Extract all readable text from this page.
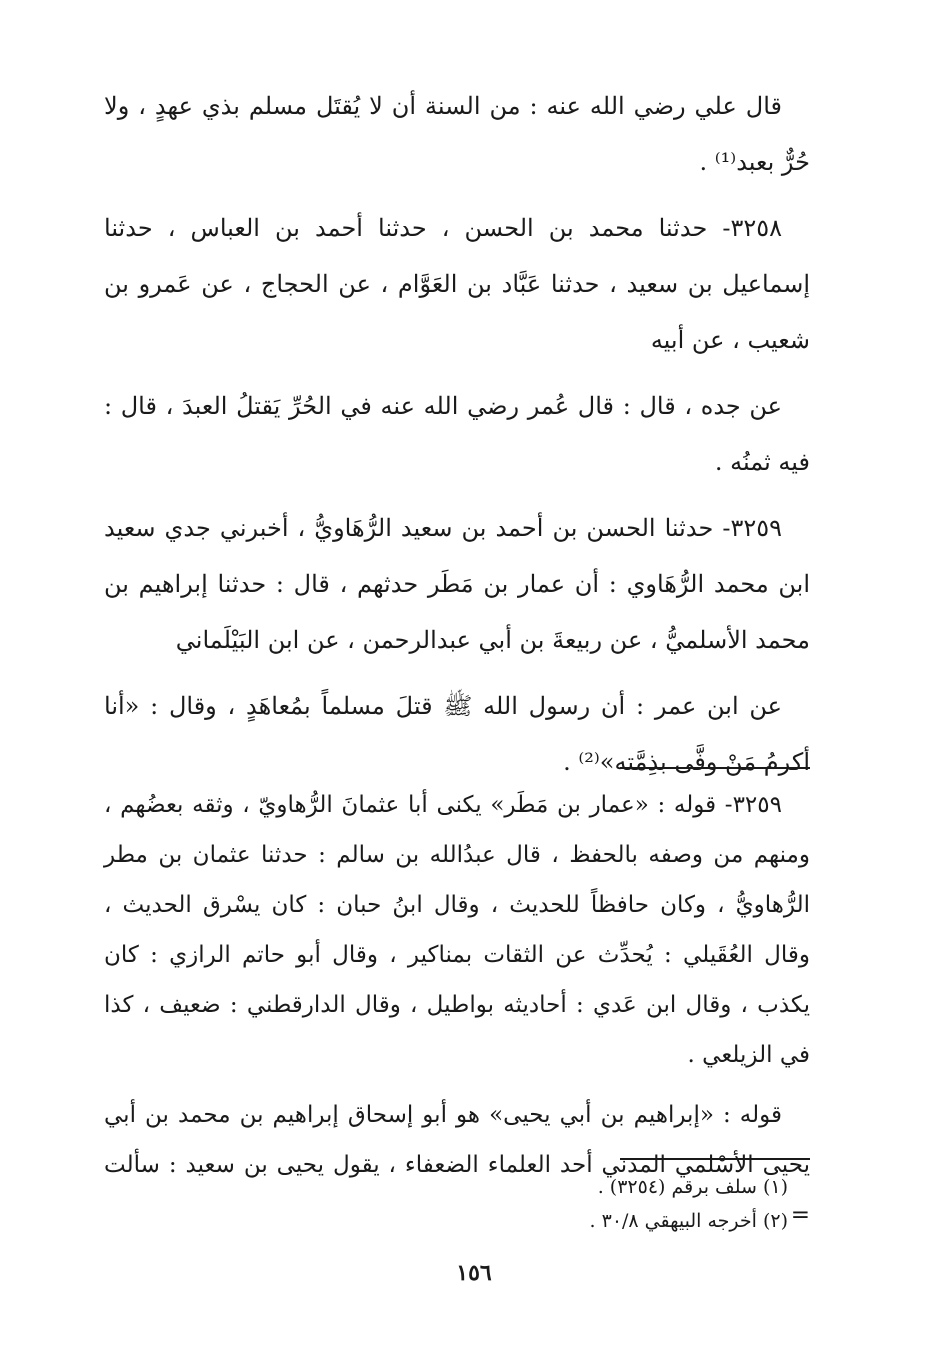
قال علي رضي الله عنه : من السنة أن لا يُقتَل مسلم بذي عهدٍ ، ولا حُرٌّ بعبد⁽¹⁾ .

٣٢٥٨- حدثنا محمد بن الحسن ، حدثنا أحمد بن العباس ، حدثنا إسماعيل بن سعيد ، حدثنا عَبَّاد بن العَوَّام ، عن الحجاج ، عن عَمرو بن شعيب ، عن أبيه

عن جده ، قال : قال عُمر رضي الله عنه في الحُرِّ يَقتلُ العبدَ ، قال : فيه ثمنُه .

٣٢٥٩- حدثنا الحسن بن أحمد بن سعيد الرُّهَاويُّ ، أخبرني جدي سعيد ابن محمد الرُّهَاوي : أن عمار بن مَطَر حدثهم ، قال : حدثنا إبراهيم بن محمد الأسلميُّ ، عن ربيعةَ بن أبي عبدالرحمن ، عن ابن البَيْلَماني

عن ابن عمر : أن رسول الله ﷺ قتلَ مسلماً بمُعاهَدٍ ، وقال : «أنا أكرمُ مَنْ وفَّى بذِمَّته»⁽²⁾ .

٣٢٥٩- قوله : «عمار بن مَطَر» يكنى أبا عثمانَ الرُّهاويّ ، وثقه بعضُهم ، ومنهم من وصفه بالحفظ ، قال عبدُالله بن سالم : حدثنا عثمان بن مطر الرُّهاويُّ ، وكان حافظاً للحديث ، وقال ابنُ حبان : كان يسْرق الحديث ، وقال العُقَيلي : يُحدِّث عن الثقات بمناكير ، وقال أبو حاتم الرازي : كان يكذب ، وقال ابن عَدي : أحاديثه بواطيل ، وقال الدارقطني : ضعيف ، كذا في الزيلعي .

قوله : «إبراهيم بن أبي يحيى» هو أبو إسحاق إبراهيم بن محمد بن أبي يحيى الأسْلمي المدني أحد العلماء الضعفاء ، يقول يحيى بن سعيد : سألت =

(١) سلف برقم (٣٢٥٤) .

(٢) أخرجه البيهقي ٣٠/٨ .

١٥٦
